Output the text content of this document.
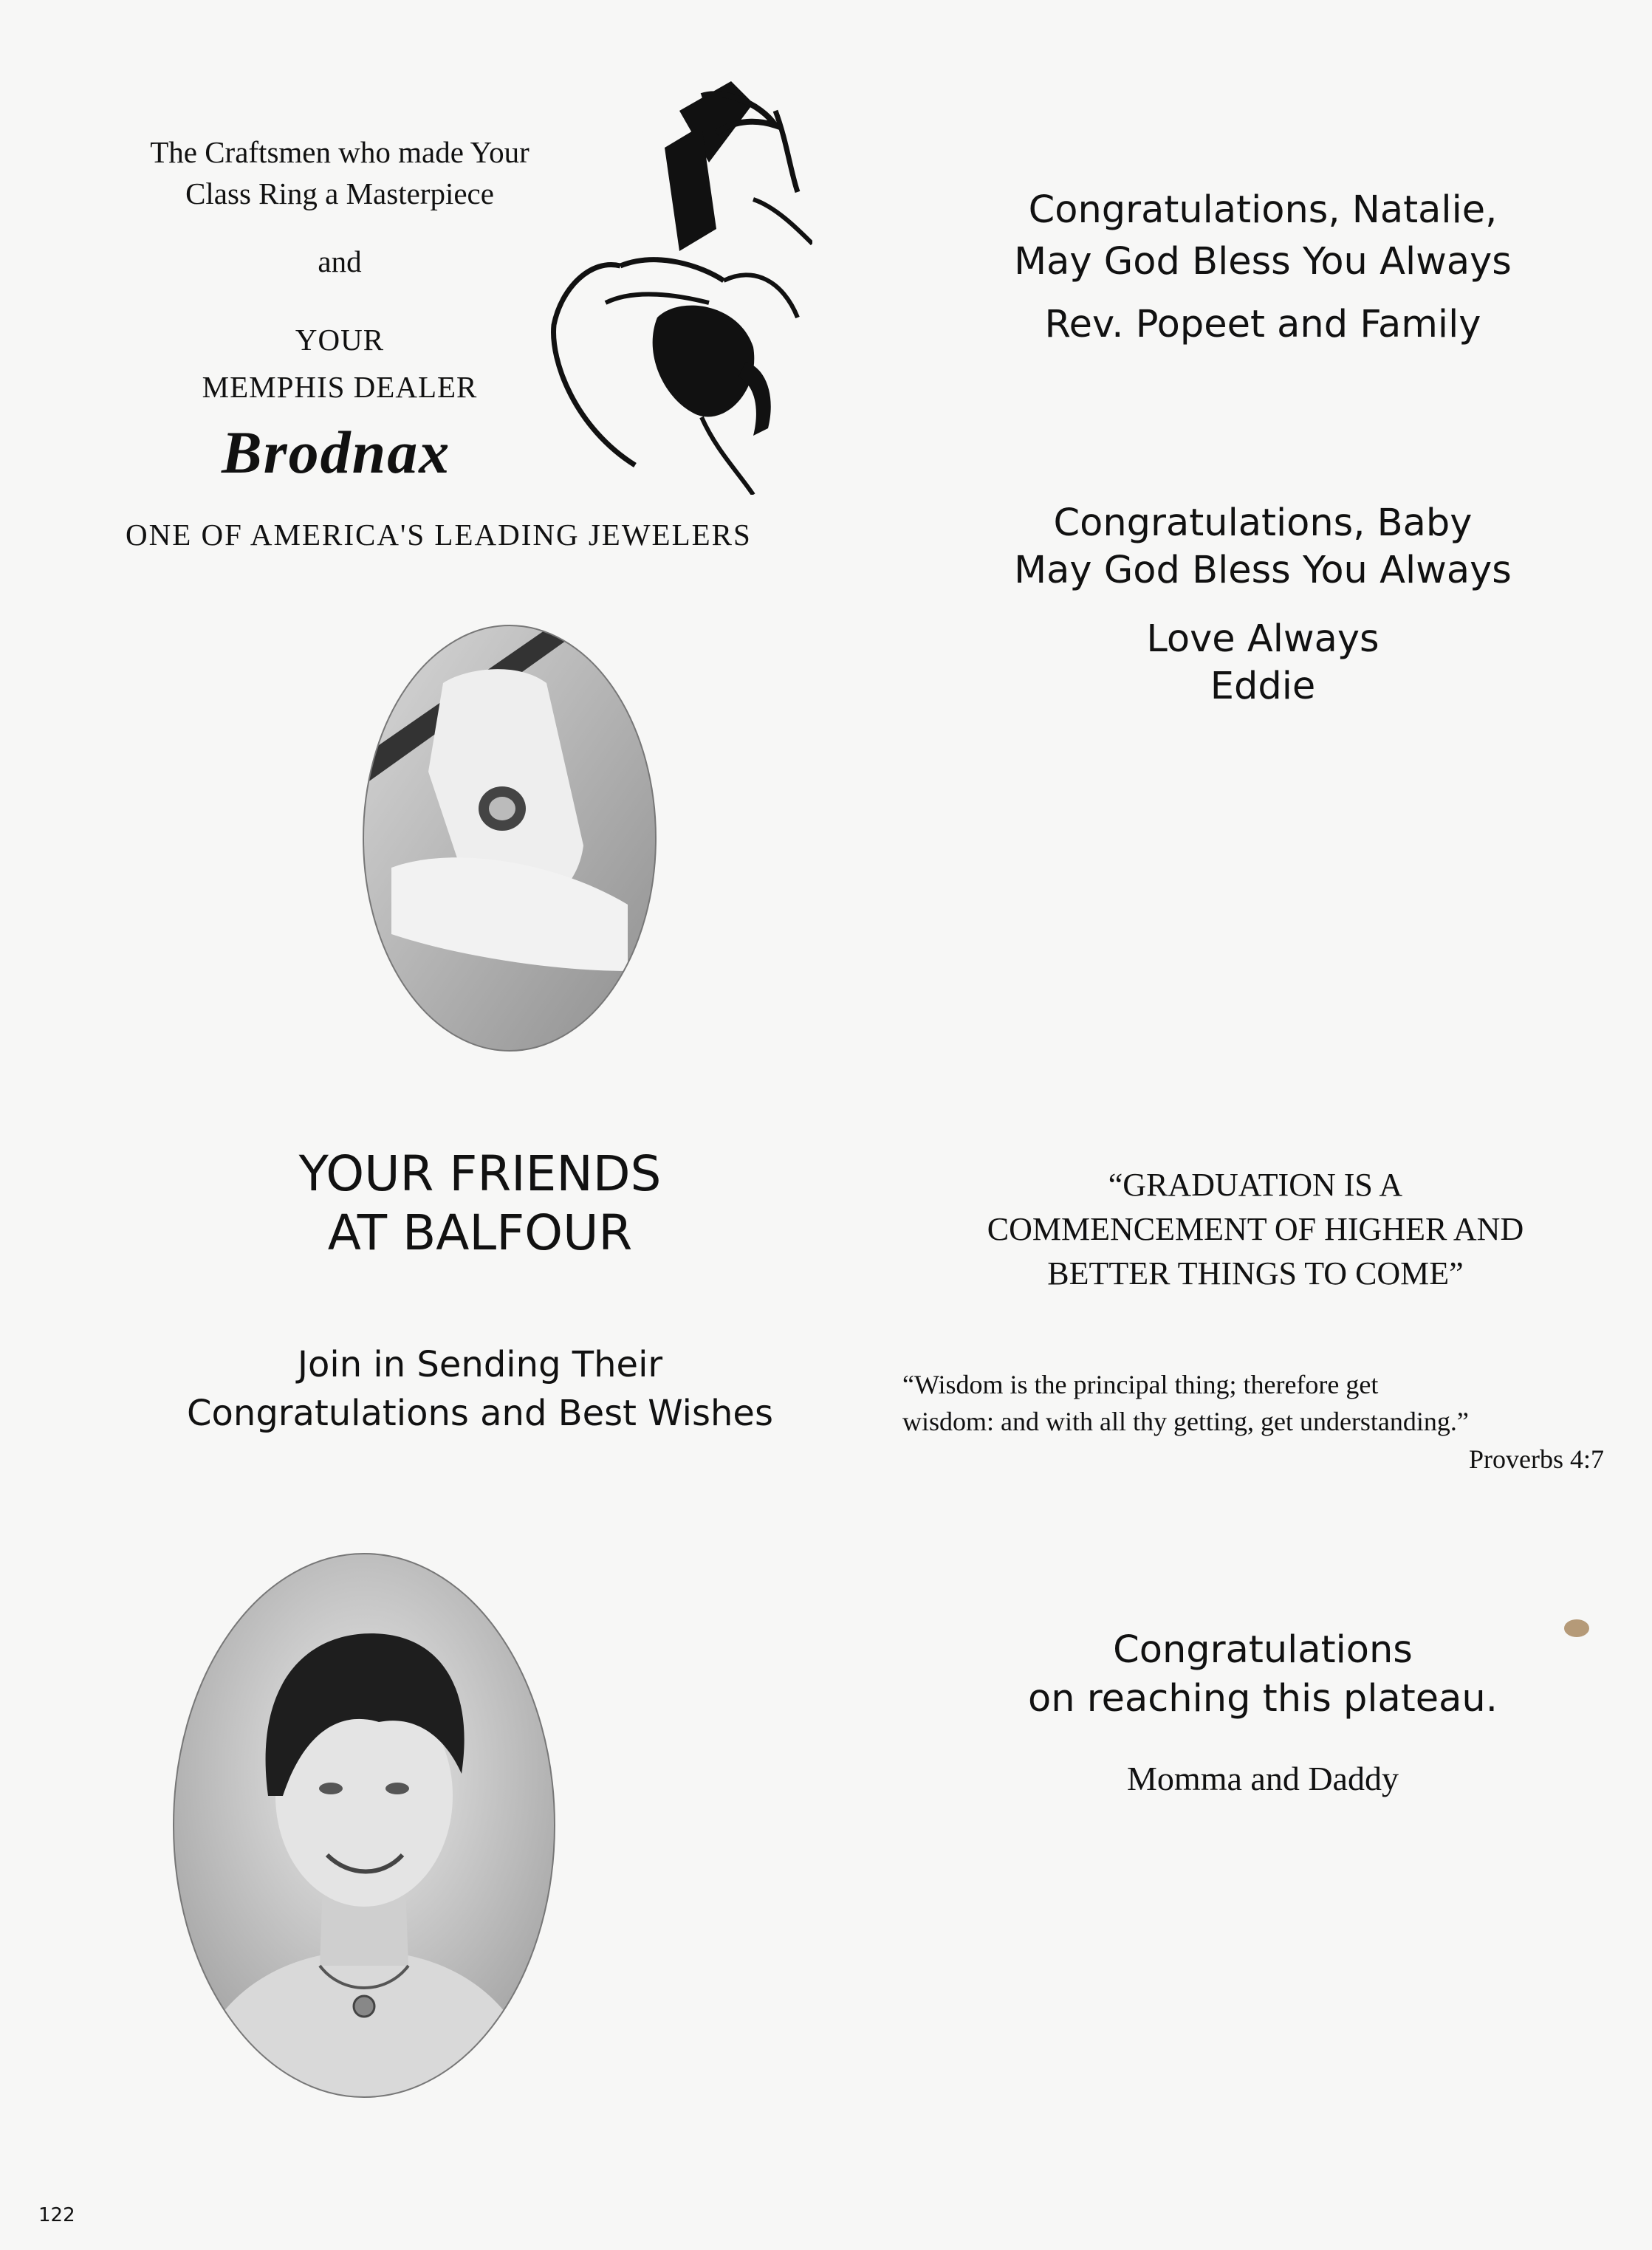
The Craftsmen who made Your
Class Ring a Masterpiece
and
YOUR
MEMPHIS DEALER
Brodnax
ONE OF AMERICA'S LEADING JEWELERS
YOUR FRIENDS
AT BALFOUR
Join in Sending Their
Congratulations and Best Wishes
Congratulations, Natalie,
May God Bless You Always
Rev. Popeet and Family
Congratulations, Baby
May God Bless You Always
Love Always
Eddie
“GRADUATION IS A
COMMENCEMENT OF HIGHER AND
BETTER THINGS TO COME”
“Wisdom is the principal thing; therefore get
wisdom: and with all thy getting, get understanding.”
Proverbs 4:7
Congratulations
on reaching this plateau.
Momma and Daddy
122
